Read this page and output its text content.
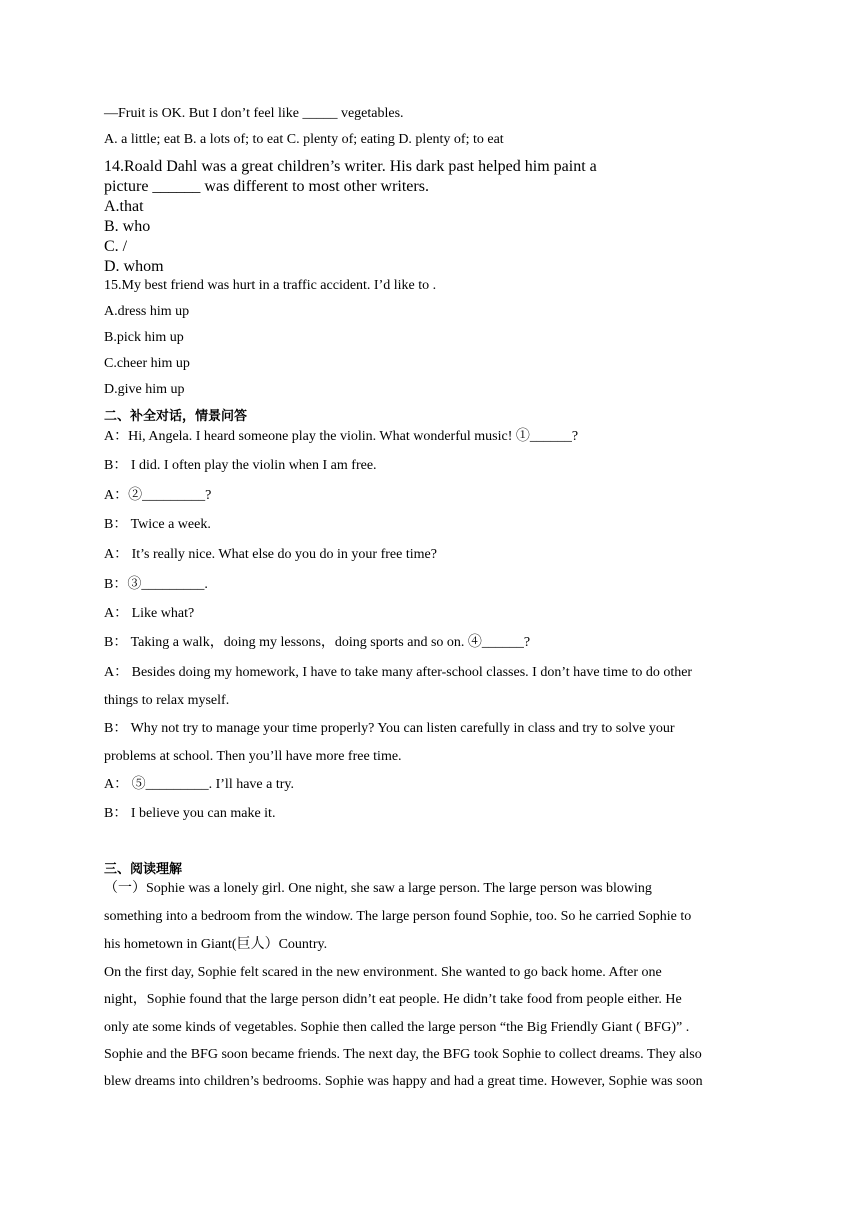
—Fruit is OK. But I don’t feel like _____ vegetables.
A. a little; eat B. a lots of; to eat C. plenty of; eating D. plenty of; to eat
14.Roald Dahl was a great children’s writer. His dark past helped him paint a
picture ______ was different to most other writers.
A.that
B. who
C. /
D. whom
15.My best friend was hurt in a traffic accident. I’d like to .
A.dress him up
B.pick him up
C.cheer him up
D.give him up
二、补全对话，情景问答
A：Hi, Angela. I heard someone play the violin. What wonderful music! ①______?
B： I did. I often play the violin when I am free.
A：②_________?
B： Twice a week.
A： It’s really nice. What else do you do in your free time?
B：③_________.
A： Like what?
B： Taking a walk，doing my lessons，doing sports and so on. ④______?
A： Besides doing my homework, I have to take many after-school classes. I don’t have time to do other
things to relax myself.
B： Why not try to manage your time properly? You can listen carefully in class and try to solve your
problems at school. Then you’ll have more free time.
A： ⑤_________. I’ll have a try.
B： I believe you can make it.
三、阅读理解
（一）Sophie was a lonely girl. One night, she saw a large person. The large person was blowing
something into a bedroom from the window. The large person found Sophie, too. So he carried Sophie to
his hometown in Giant(巨人）Country.
On the first day, Sophie felt scared in the new environment. She wanted to go back home. After one
night，Sophie found that the large person didn’t eat people. He didn’t take food from people either. He
only ate some kinds of vegetables. Sophie then called the large person “the Big Friendly Giant ( BFG)” .
Sophie and the BFG soon became friends. The next day, the BFG took Sophie to collect dreams. They also
blew dreams into children’s bedrooms. Sophie was happy and had a great time. However, Sophie was soon
